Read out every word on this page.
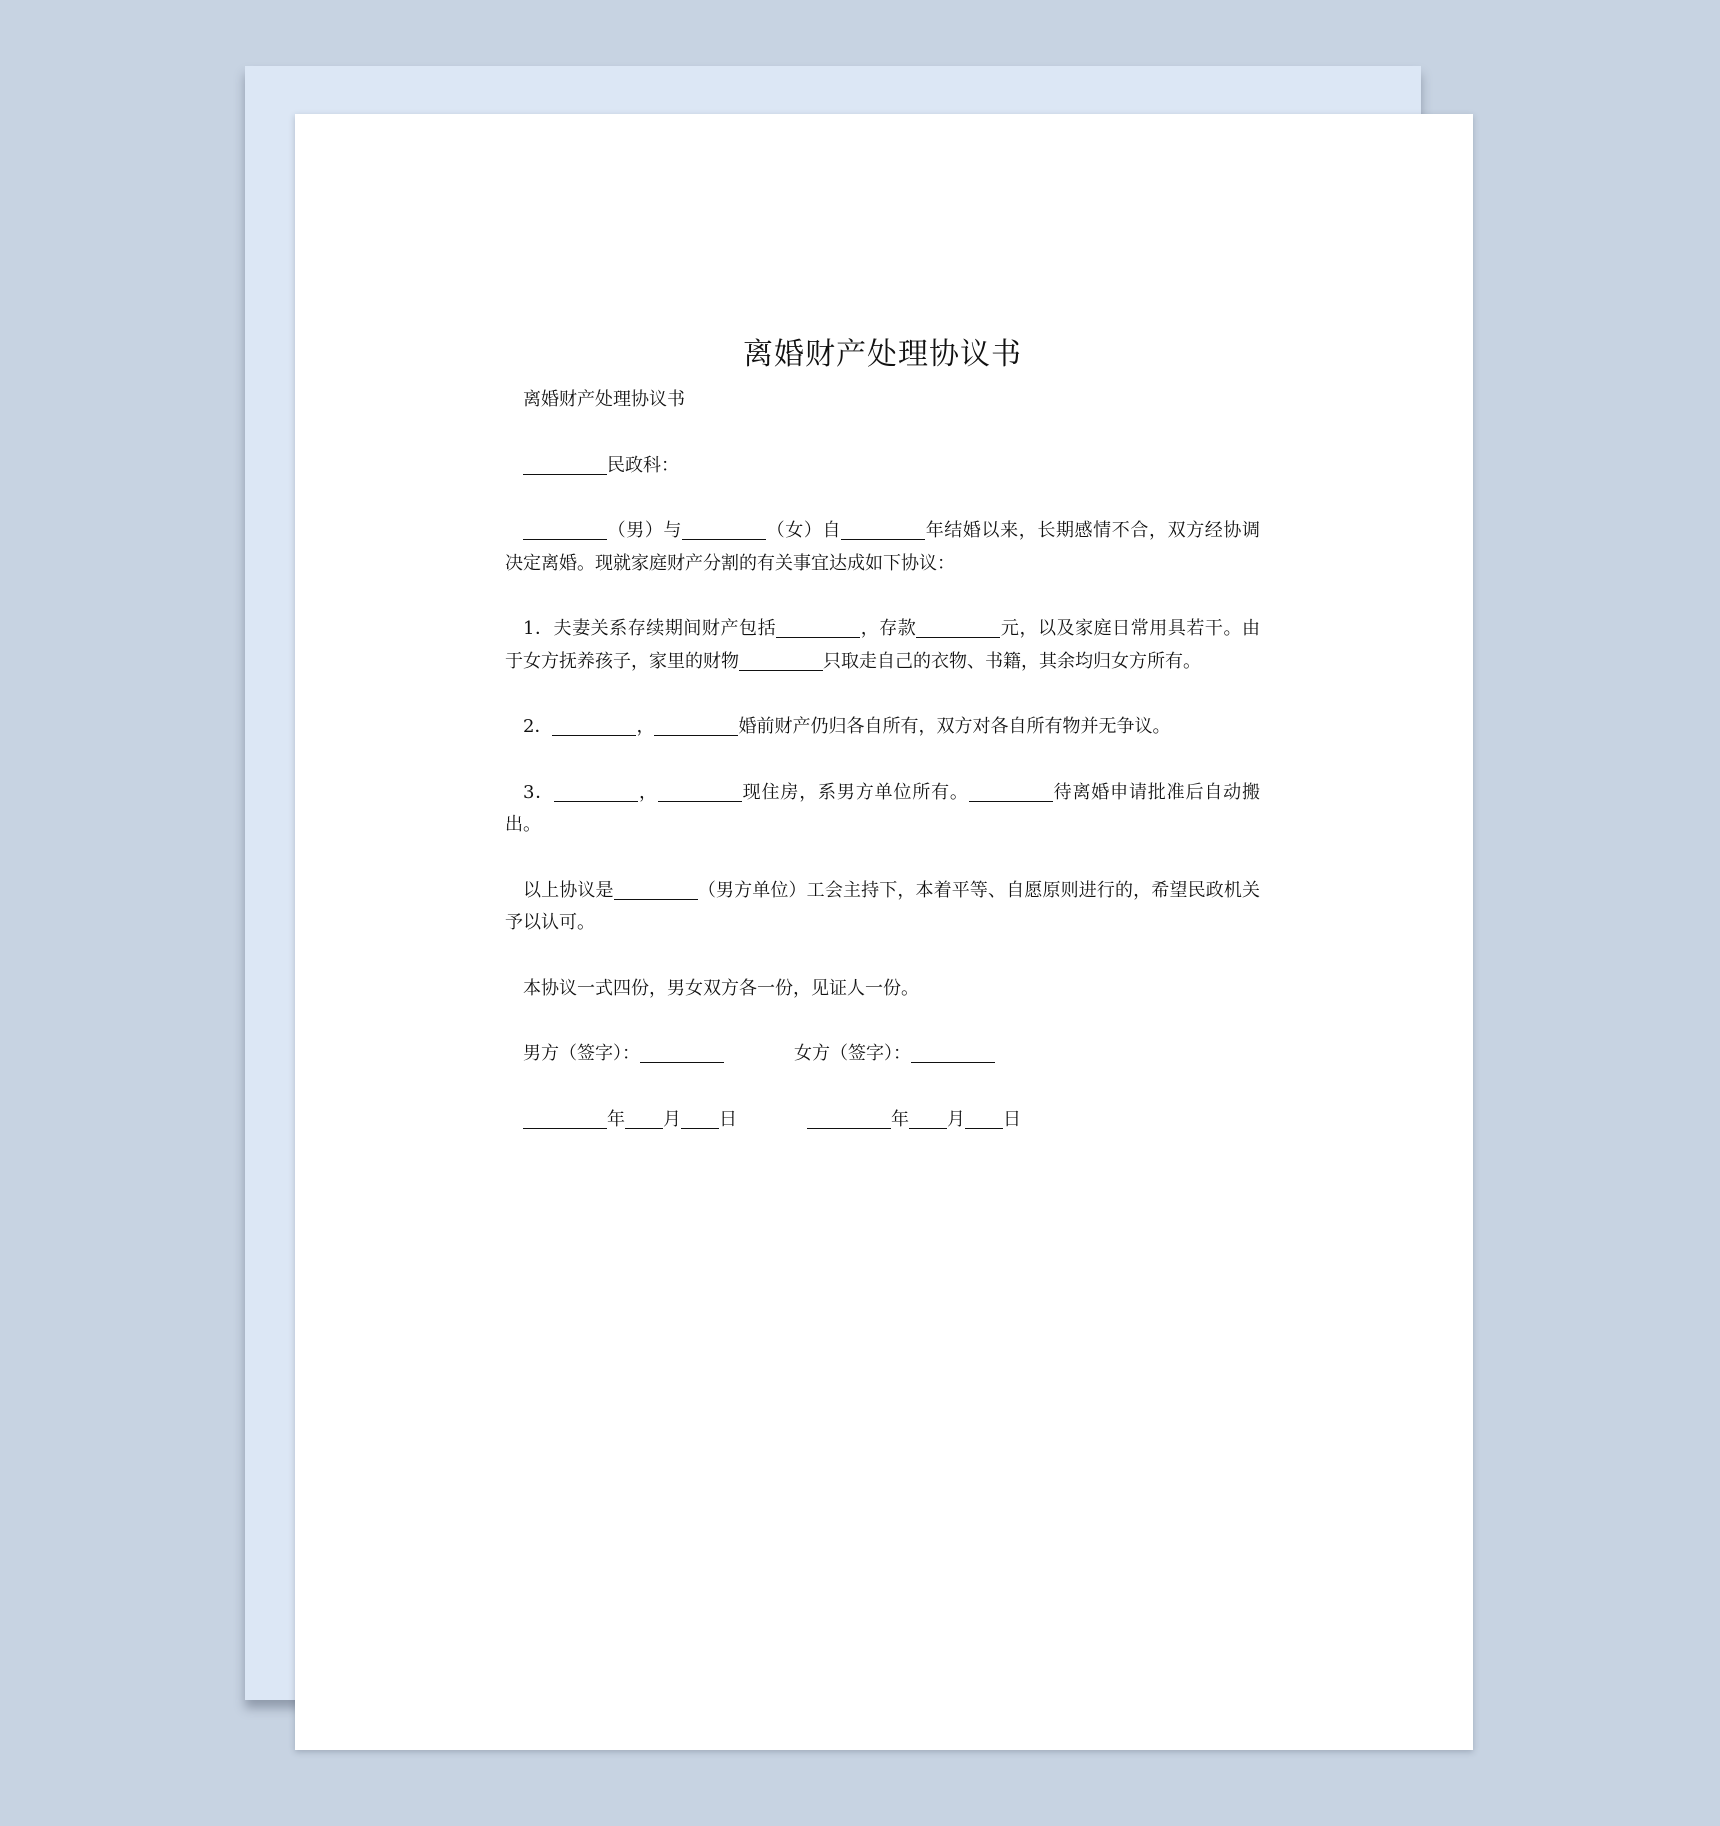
离婚财产处理协议书

离婚财产处理协议书

民政科：

（男）与	（女）自	年结婚以来，长期感情不合，双方经协调决定离婚。现就家庭财产分割的有关事宜达成如下协议：

1．夫妻关系存续期间财产包括	，存款	元，以及家庭日常用具若干。由于女方抚养孩子，家里的财物	只取走自己的衣物、书籍，其余均归女方所有。

2．	，	婚前财产仍归各自所有，双方对各自所有物并无争议。

3．	，	现住房，系男方单位所有。	待离婚申请批准后自动搬出。

以上协议是	（男方单位）工会主持下，本着平等、自愿原则进行的，希望民政机关予以认可。

本协议一式四份，男女双方各一份，见证人一份。

男方（签字）：	女方（签字）：

年 月 日	年 月 日
